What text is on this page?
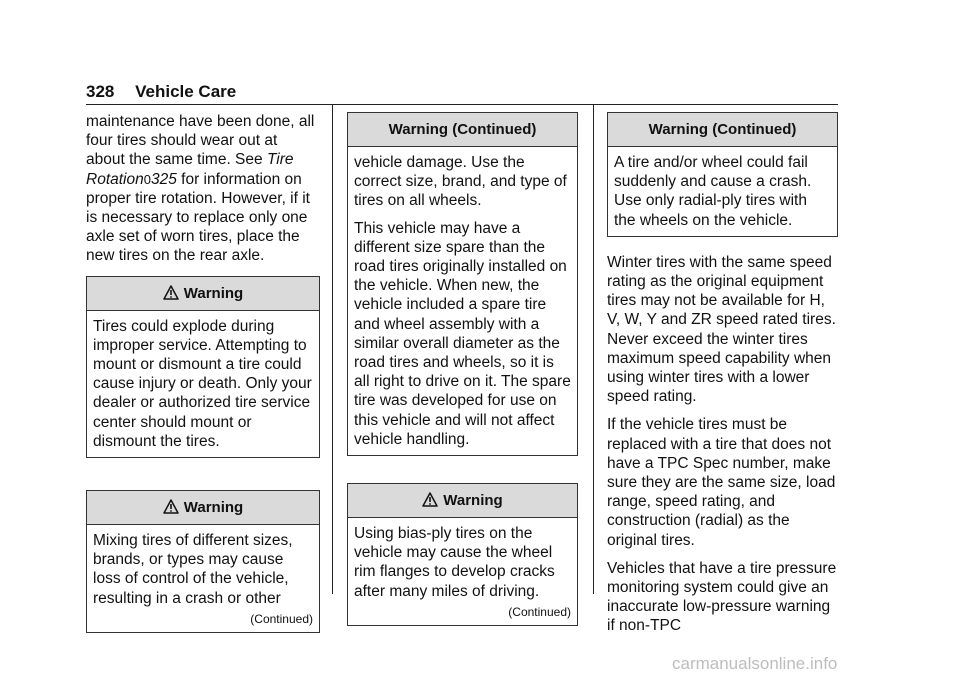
328 Vehicle Care

maintenance have been done, all four tires should wear out at about the same time. See Tire Rotation0325 for information on proper tire rotation. However, if it is necessary to replace only one axle set of worn tires, place the new tires on the rear axle.

Warning
Tires could explode during improper service. Attempting to mount or dismount a tire could cause injury or death. Only your dealer or authorized tire service center should mount or dismount the tires.
Warning
Mixing tires of different sizes, brands, or types may cause loss of control of the vehicle, resulting in a crash or other
(Continued)
Warning (Continued)

vehicle damage. Use the correct size, brand, and type of tires on all wheels.

This vehicle may have a different size spare than the road tires originally installed on the vehicle. When new, the vehicle included a spare tire and wheel assembly with a similar overall diameter as the road tires and wheels, so it is all right to drive on it. The spare tire was developed for use on this vehicle and will not affect vehicle handling.

Warning
Using bias-ply tires on the vehicle may cause the wheel rim flanges to develop cracks after many miles of driving.
(Continued)
Warning (Continued)
A tire and/or wheel could fail suddenly and cause a crash. Use only radial-ply tires with the wheels on the vehicle.

Winter tires with the same speed rating as the original equipment tires may not be available for H, V, W, Y and ZR speed rated tires. Never exceed the winter tires maximum speed capability when using winter tires with a lower speed rating.

If the vehicle tires must be replaced with a tire that does not have a TPC Spec number, make sure they are the same size, load range, speed rating, and construction (radial) as the original tires.

Vehicles that have a tire pressure monitoring system could give an inaccurate low-pressure warning if non-TPC

carmanualsonline.info
